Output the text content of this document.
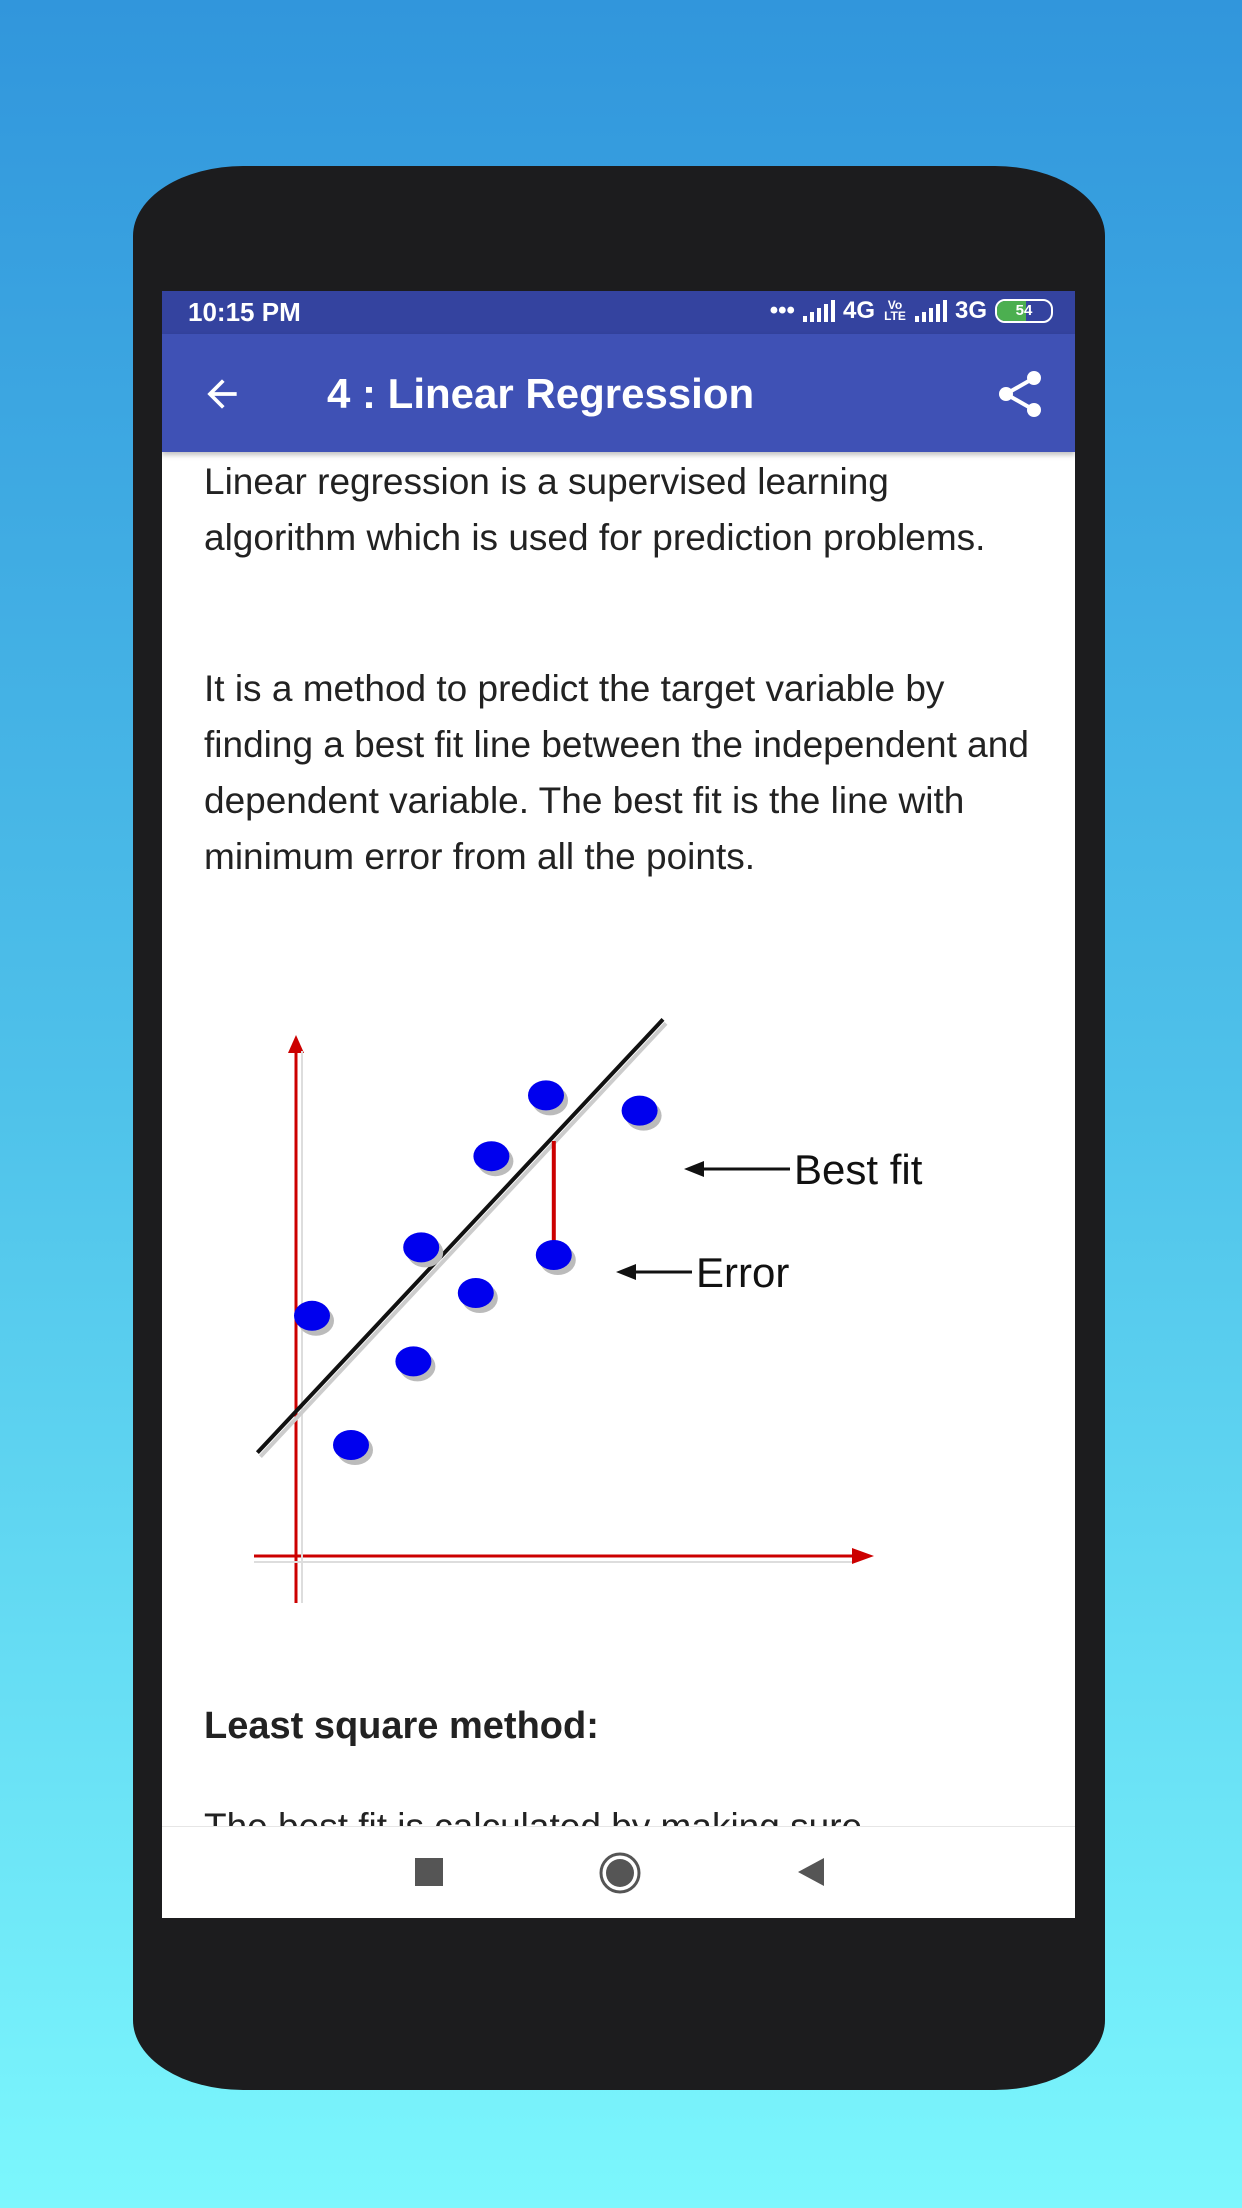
10:15 PM	••• 4G	Vo LTE 3G	54
4 : Linear Regression

Linear regression is a supervised learning algorithm which is used for prediction problems.

It is a method to predict the target variable by finding a best fit line between the independent and dependent variable. The best fit is the line with minimum error from all the points.

Best fit
Error
Least square method:
